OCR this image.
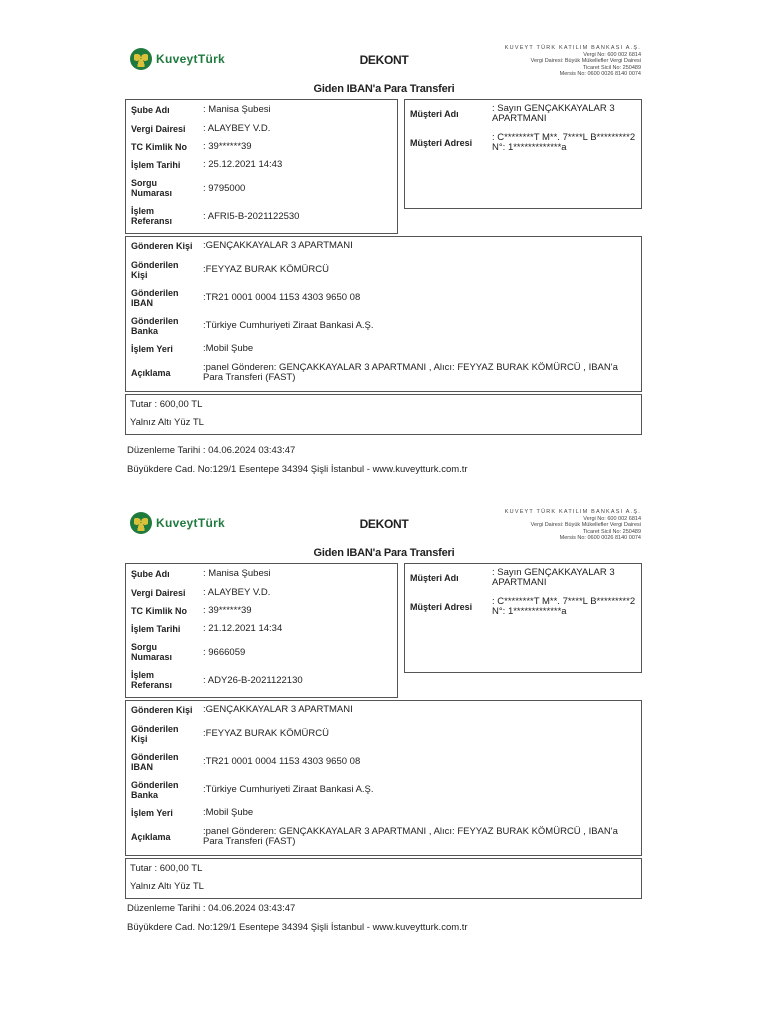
KuveytTürk	DEKONT
KUVEYT TÜRK KATILIM BANKASI A.Ş.
Vergi No: 600 002 6814
Vergi Dairesi: Büyük Mükellefler Vergi Dairesi
Ticaret Sicil No: 250489
Mersis No: 0600 0026 8140 0074
Giden IBAN'a Para Transferi
Şube Adı	: Manisa Şubesi
Vergi Dairesi	: ALAYBEY V.D.
TC Kimlik No	: 39******39
İşlem Tarihi	: 25.12.2021 14:43
Sorgu Numarası	: 9795000
İşlem Referansı	: AFRI5-B-2021122530
Müşteri Adı	: Sayın GENÇAKKAYALAR 3 APARTMANI
Müşteri Adresi	: C********T M**. 7****L B*********2 N°: 1*************a
Gönderen Kişi	:GENÇAKKAYALAR 3 APARTMANI
Gönderilen Kişi	:FEYYAZ BURAK KÖMÜRCÜ
Gönderilen IBAN	:TR21 0001 0004 1153 4303 9650 08
Gönderilen Banka	:Türkiye Cumhuriyeti Ziraat Bankasi A.Ş.
İşlem Yeri	:Mobil Şube
Açıklama	:panel Gönderen: GENÇAKKAYALAR 3 APARTMANI , Alıcı: FEYYAZ BURAK KÖMÜRCÜ , IBAN'a Para Transferi (FAST)
Tutar : 600,00 TL
Yalnız Altı Yüz TL
Düzenleme Tarihi : 04.06.2024 03:43:47
Büyükdere Cad. No:129/1 Esentepe 34394 Şişli İstanbul - www.kuveytturk.com.tr
KuveytTürk	DEKONT
KUVEYT TÜRK KATILIM BANKASI A.Ş.
Vergi No: 600 002 6814
Vergi Dairesi: Büyük Mükellefler Vergi Dairesi
Ticaret Sicil No: 250489
Mersis No: 0600 0026 8140 0074
Giden IBAN'a Para Transferi
Şube Adı	: Manisa Şubesi
Vergi Dairesi	: ALAYBEY V.D.
TC Kimlik No	: 39******39
İşlem Tarihi	: 21.12.2021 14:34
Sorgu Numarası	: 9666059
İşlem Referansı	: ADY26-B-2021122130
Müşteri Adı	: Sayın GENÇAKKAYALAR 3 APARTMANI
Müşteri Adresi	: C********T M**. 7****L B*********2 N°: 1*************a
Gönderen Kişi	:GENÇAKKAYALAR 3 APARTMANI
Gönderilen Kişi	:FEYYAZ BURAK KÖMÜRCÜ
Gönderilen IBAN	:TR21 0001 0004 1153 4303 9650 08
Gönderilen Banka	:Türkiye Cumhuriyeti Ziraat Bankasi A.Ş.
İşlem Yeri	:Mobil Şube
Açıklama	:panel Gönderen: GENÇAKKAYALAR 3 APARTMANI , Alıcı: FEYYAZ BURAK KÖMÜRCÜ , IBAN'a Para Transferi (FAST)
Tutar : 600,00 TL
Yalnız Altı Yüz TL
Düzenleme Tarihi : 04.06.2024 03:43:47
Büyükdere Cad. No:129/1 Esentepe 34394 Şişli İstanbul - www.kuveytturk.com.tr
